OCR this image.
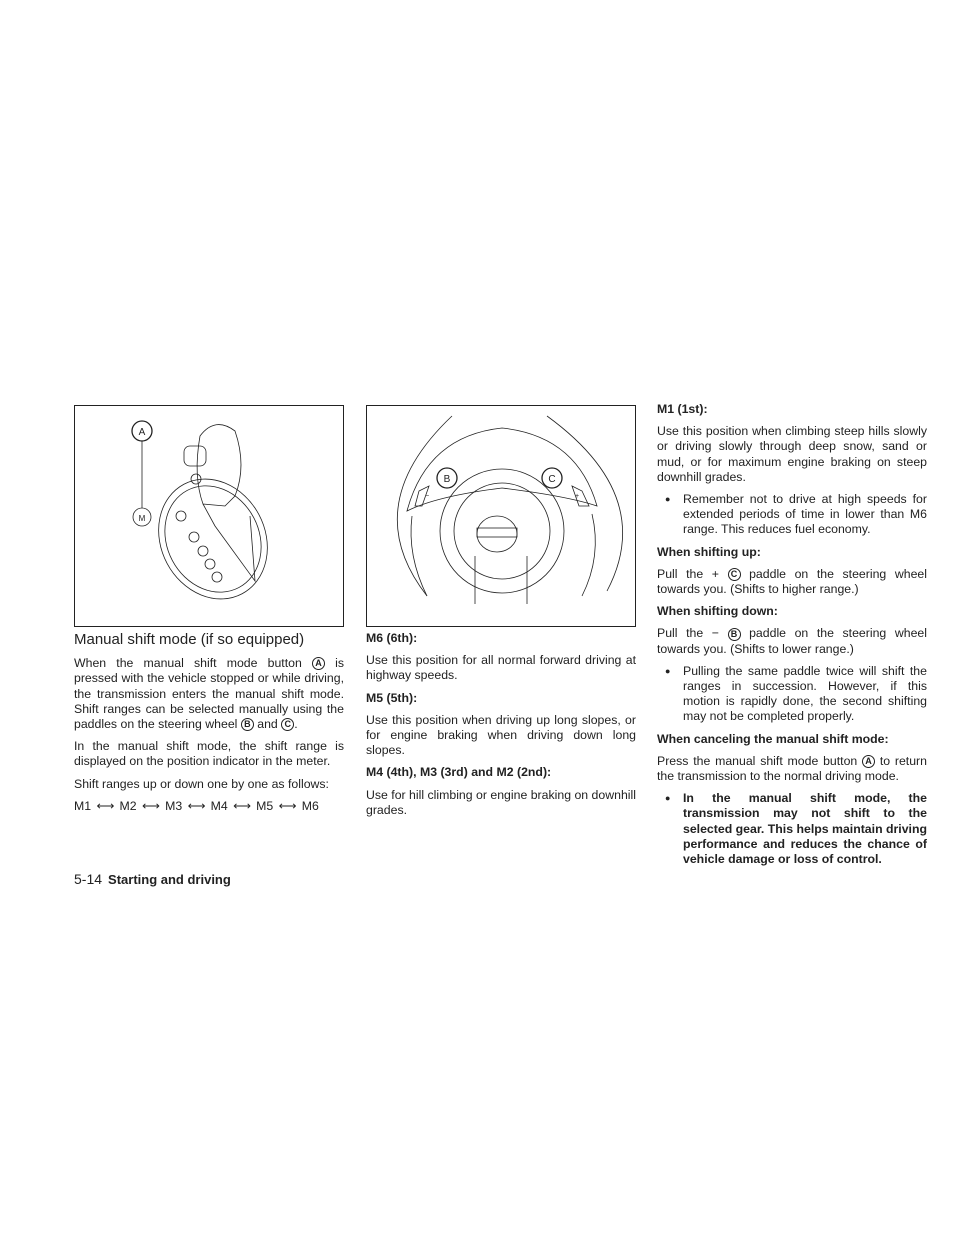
A
M
B	C
−	+
Manual shift mode (if so equipped)

When the manual shift mode button A is pressed with the vehicle stopped or while driving, the transmission enters the manual shift mode. Shift ranges can be selected manually using the paddles on the steering wheel B and C .

In the manual shift mode, the shift range is displayed on the position indicator in the meter.

Shift ranges up or down one by one as follows:

M1 ⟷ M2 ⟷ M3 ⟷ M4 ⟷ M5 ⟷ M6

M6 (6th):

Use this position for all normal forward driving at highway speeds.

M5 (5th):

Use this position when driving up long slopes, or for engine braking when driving down long slopes.

M4 (4th), M3 (3rd) and M2 (2nd):

Use for hill climbing or engine braking on downhill grades.

M1 (1st):

Use this position when climbing steep hills slowly or driving slowly through deep snow, sand or mud, or for maximum engine braking on steep downhill grades.

● Remember not to drive at high speeds for extended periods of time in lower than M6 range. This reduces fuel economy.
When shifting up:

Pull the + C paddle on the steering wheel towards you. (Shifts to higher range.)

When shifting down:

Pull the − B paddle on the steering wheel towards you. (Shifts to lower range.)

● Pulling the same paddle twice will shift the ranges in succession. However, if this motion is rapidly done, the second shifting may not be completed properly.
When canceling the manual shift mode:

Press the manual shift mode button A to return the transmission to the normal driving mode.

● In the manual shift mode, the transmission may not shift to the selected gear. This helps maintain driving performance and reduces the chance of vehicle damage or loss of control.
5-14 Starting and driving
